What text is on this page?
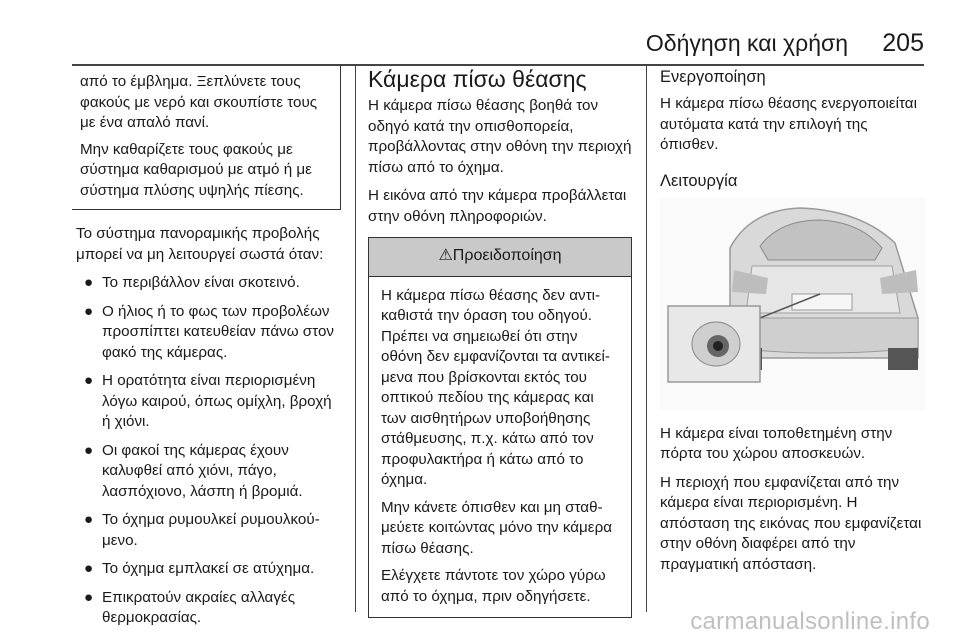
Οδήγηση και χρήση 205

από το έμβλημα. Ξεπλύνετε τους φακούς με νερό και σκουπίστε τους με ένα απαλό πανί.

Μην καθαρίζετε τους φακούς με σύστημα καθαρισμού με ατμό ή με σύστημα πλύσης υψηλής πίεσης.

Το σύστημα πανοραμικής προβολής μπορεί να μη λειτουργεί σωστά όταν:

● Το περιβάλλον είναι σκοτεινό.
● Ο ήλιος ή το φως των προβολέων προσπίπτει κατευθείαν πάνω στον φακό της κάμερας.
● Η ορατότητα είναι περιορισμένη λόγω καιρού, όπως ομίχλη, βροχή ή χιόνι.
● Οι φακοί της κάμερας έχουν καλυφθεί από χιόνι, πάγο, λασπόχιονο, λάσπη ή βρομιά.
● Το όχημα ρυμουλκεί ρυμουλκούμενο.
● Το όχημα εμπλακεί σε ατύχημα.
● Επικρατούν ακραίες αλλαγές θερμοκρασίας.
Κάμερα πίσω θέασης

Η κάμερα πίσω θέασης βοηθά τον οδηγό κατά την οπισθοπορεία, προβάλλοντας στην οθόνη την περιοχή πίσω από το όχημα.

Η εικόνα από την κάμερα προβάλλεται στην οθόνη πληροφοριών.

⚠Προειδοποίηση

Η κάμερα πίσω θέασης δεν αντικαθιστά την όραση του οδηγού. Πρέπει να σημειωθεί ότι στην οθόνη δεν εμφανίζονται τα αντικείμενα που βρίσκονται εκτός του οπτικού πεδίου της κάμερας και των αισθητήρων υποβοήθησης στάθμευσης, π.χ. κάτω από τον προφυλακτήρα ή κάτω από το όχημα.

Μην κάνετε όπισθεν και μη σταθμεύετε κοιτώντας μόνο την κάμερα πίσω θέασης.

Ελέγχετε πάντοτε τον χώρο γύρω από το όχημα, πριν οδηγήσετε.

Ενεργοποίηση

Η κάμερα πίσω θέασης ενεργοποιείται αυτόματα κατά την επιλογή της όπισθεν.

Λειτουργία

Η κάμερα είναι τοποθετημένη στην πόρτα του χώρου αποσκευών.

Η περιοχή που εμφανίζεται από την κάμερα είναι περιορισμένη. Η απόσταση της εικόνας που εμφανίζεται στην οθόνη διαφέρει από την πραγματική απόσταση.

carmanualsonline.info
